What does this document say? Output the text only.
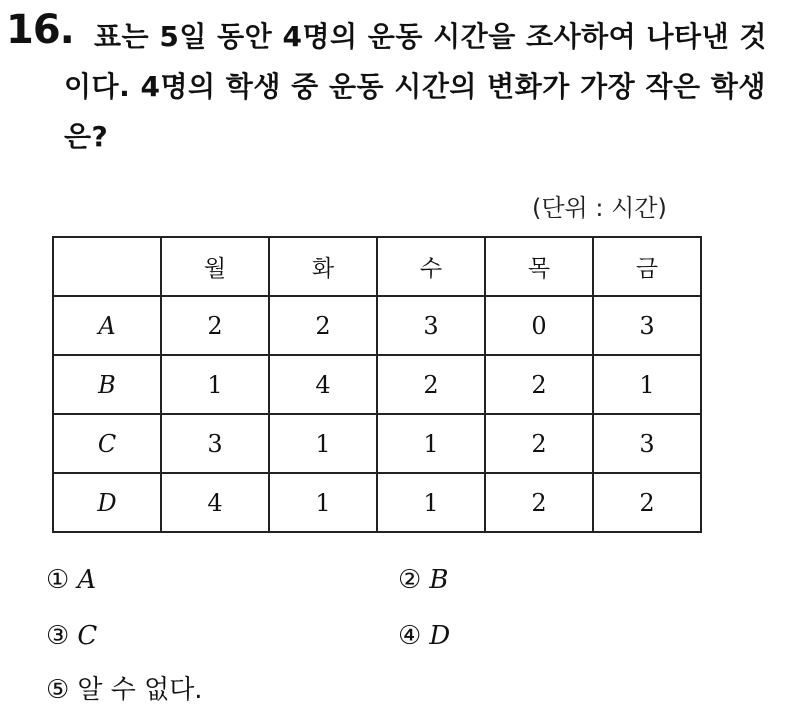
16. 표는 5일 동안 4명의 운동 시간을 조사하여 나타낸 것이다. 4명의 학생 중 운동 시간의 변화가 가장 작은 학생은?

(단위 : 시간)
	월	화	수	목	금
A	2	2	3	0	3
B	1	4	2	2	1
C	3	1	1	2	3
D	4	1	1	2	2
① A	② B
③ C	④ D
⑤ 알 수 없다.
